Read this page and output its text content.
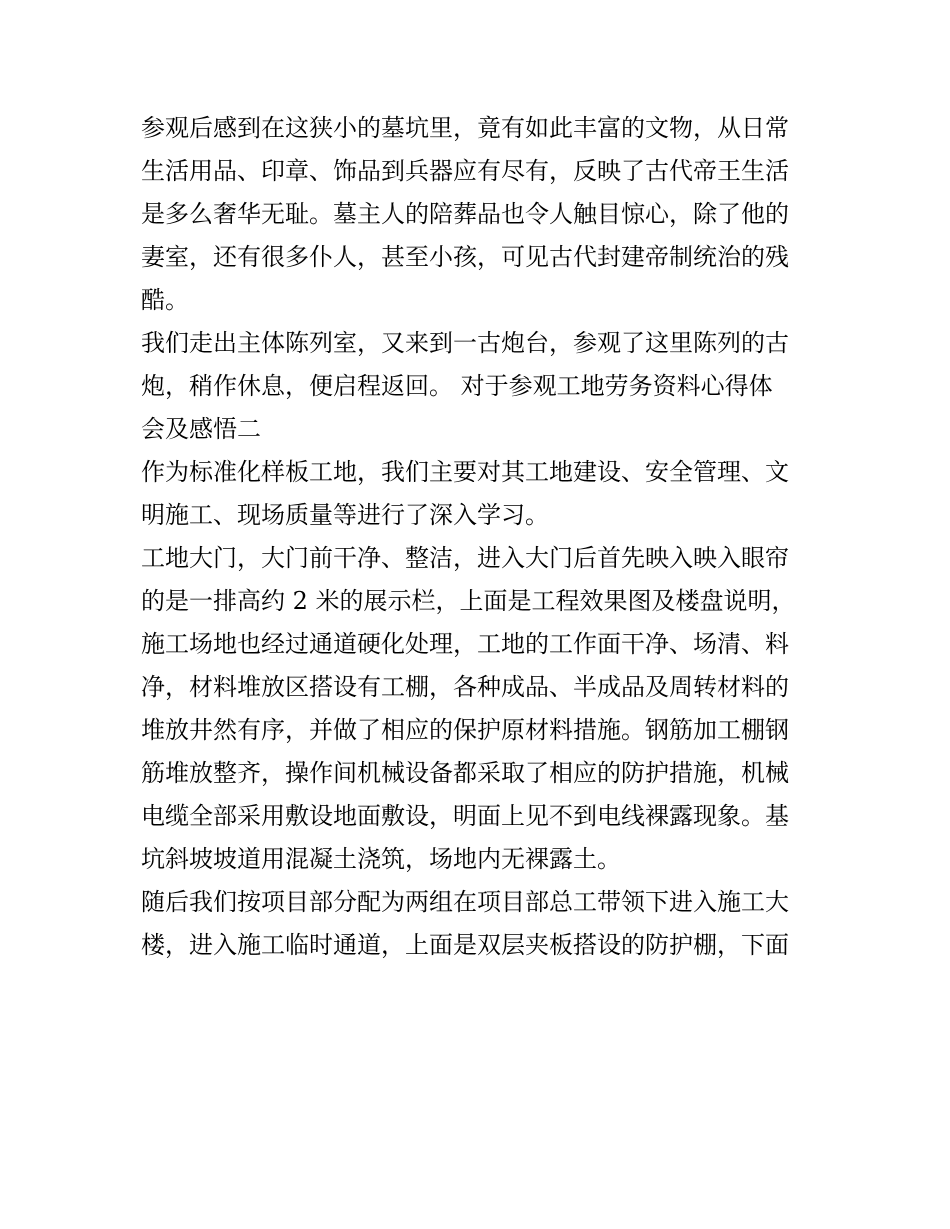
参观后感到在这狭小的墓坑里，竟有如此丰富的文物，从日常
生活用品、印章、饰品到兵器应有尽有，反映了古代帝王生活
是多么奢华无耻。墓主人的陪葬品也令人触目惊心，除了他的
妻室，还有很多仆人，甚至小孩，可见古代封建帝制统治的残
酷。
我们走出主体陈列室，又来到一古炮台，参观了这里陈列的古
炮，稍作休息，便启程返回。 对于参观工地劳务资料心得体
会及感悟二
作为标准化样板工地，我们主要对其工地建设、安全管理、文
明施工、现场质量等进行了深入学习。
工地大门，大门前干净、整洁，进入大门后首先映入映入眼帘
的是一排高约 2 米的展示栏，上面是工程效果图及楼盘说明，
施工场地也经过通道硬化处理，工地的工作面干净、场清、料
净，材料堆放区搭设有工棚，各种成品、半成品及周转材料的
堆放井然有序，并做了相应的保护原材料措施。钢筋加工棚钢
筋堆放整齐，操作间机械设备都采取了相应的防护措施，机械
电缆全部采用敷设地面敷设，明面上见不到电线裸露现象。基
坑斜坡坡道用混凝土浇筑，场地内无裸露土。
随后我们按项目部分配为两组在项目部总工带领下进入施工大
楼，进入施工临时通道，上面是双层夹板搭设的防护棚，下面
